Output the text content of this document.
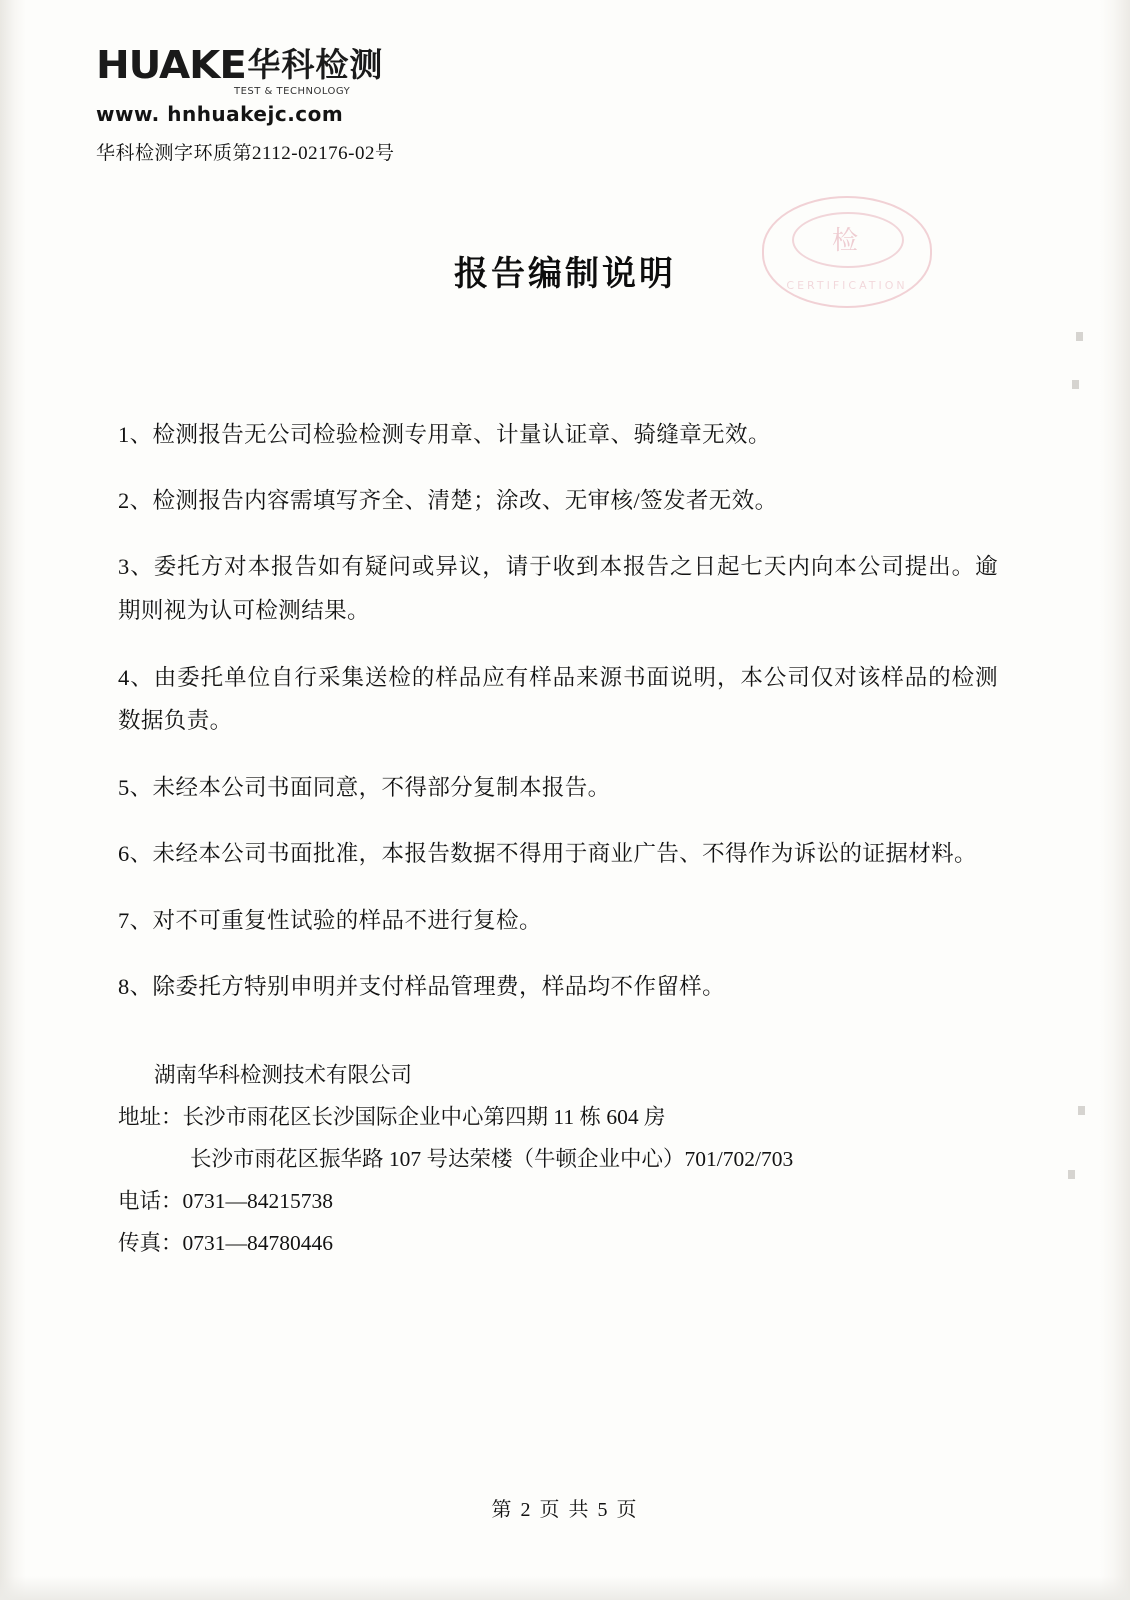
HUAKE 华科检测
TEST & TECHNOLOGY
www. hnhuakejc.com
华科检测字环质第2112-02176-02号
检
CERTIFICATION
报告编制说明

1、检测报告无公司检验检测专用章、计量认证章、骑缝章无效。

2、检测报告内容需填写齐全、清楚；涂改、无审核/签发者无效。

3、委托方对本报告如有疑问或异议，请于收到本报告之日起七天内向本公司提出。逾期则视为认可检测结果。

4、由委托单位自行采集送检的样品应有样品来源书面说明，本公司仅对该样品的检测数据负责。

5、未经本公司书面同意，不得部分复制本报告。

6、未经本公司书面批准，本报告数据不得用于商业广告、不得作为诉讼的证据材料。

7、对不可重复性试验的样品不进行复检。

8、除委托方特别申明并支付样品管理费，样品均不作留样。

湖南华科检测技术有限公司
地址：长沙市雨花区长沙国际企业中心第四期 11 栋 604 房
长沙市雨花区振华路 107 号达荣楼（牛顿企业中心）701/702/703
电话：0731—84215738
传真：0731—84780446
第 2 页 共 5 页
